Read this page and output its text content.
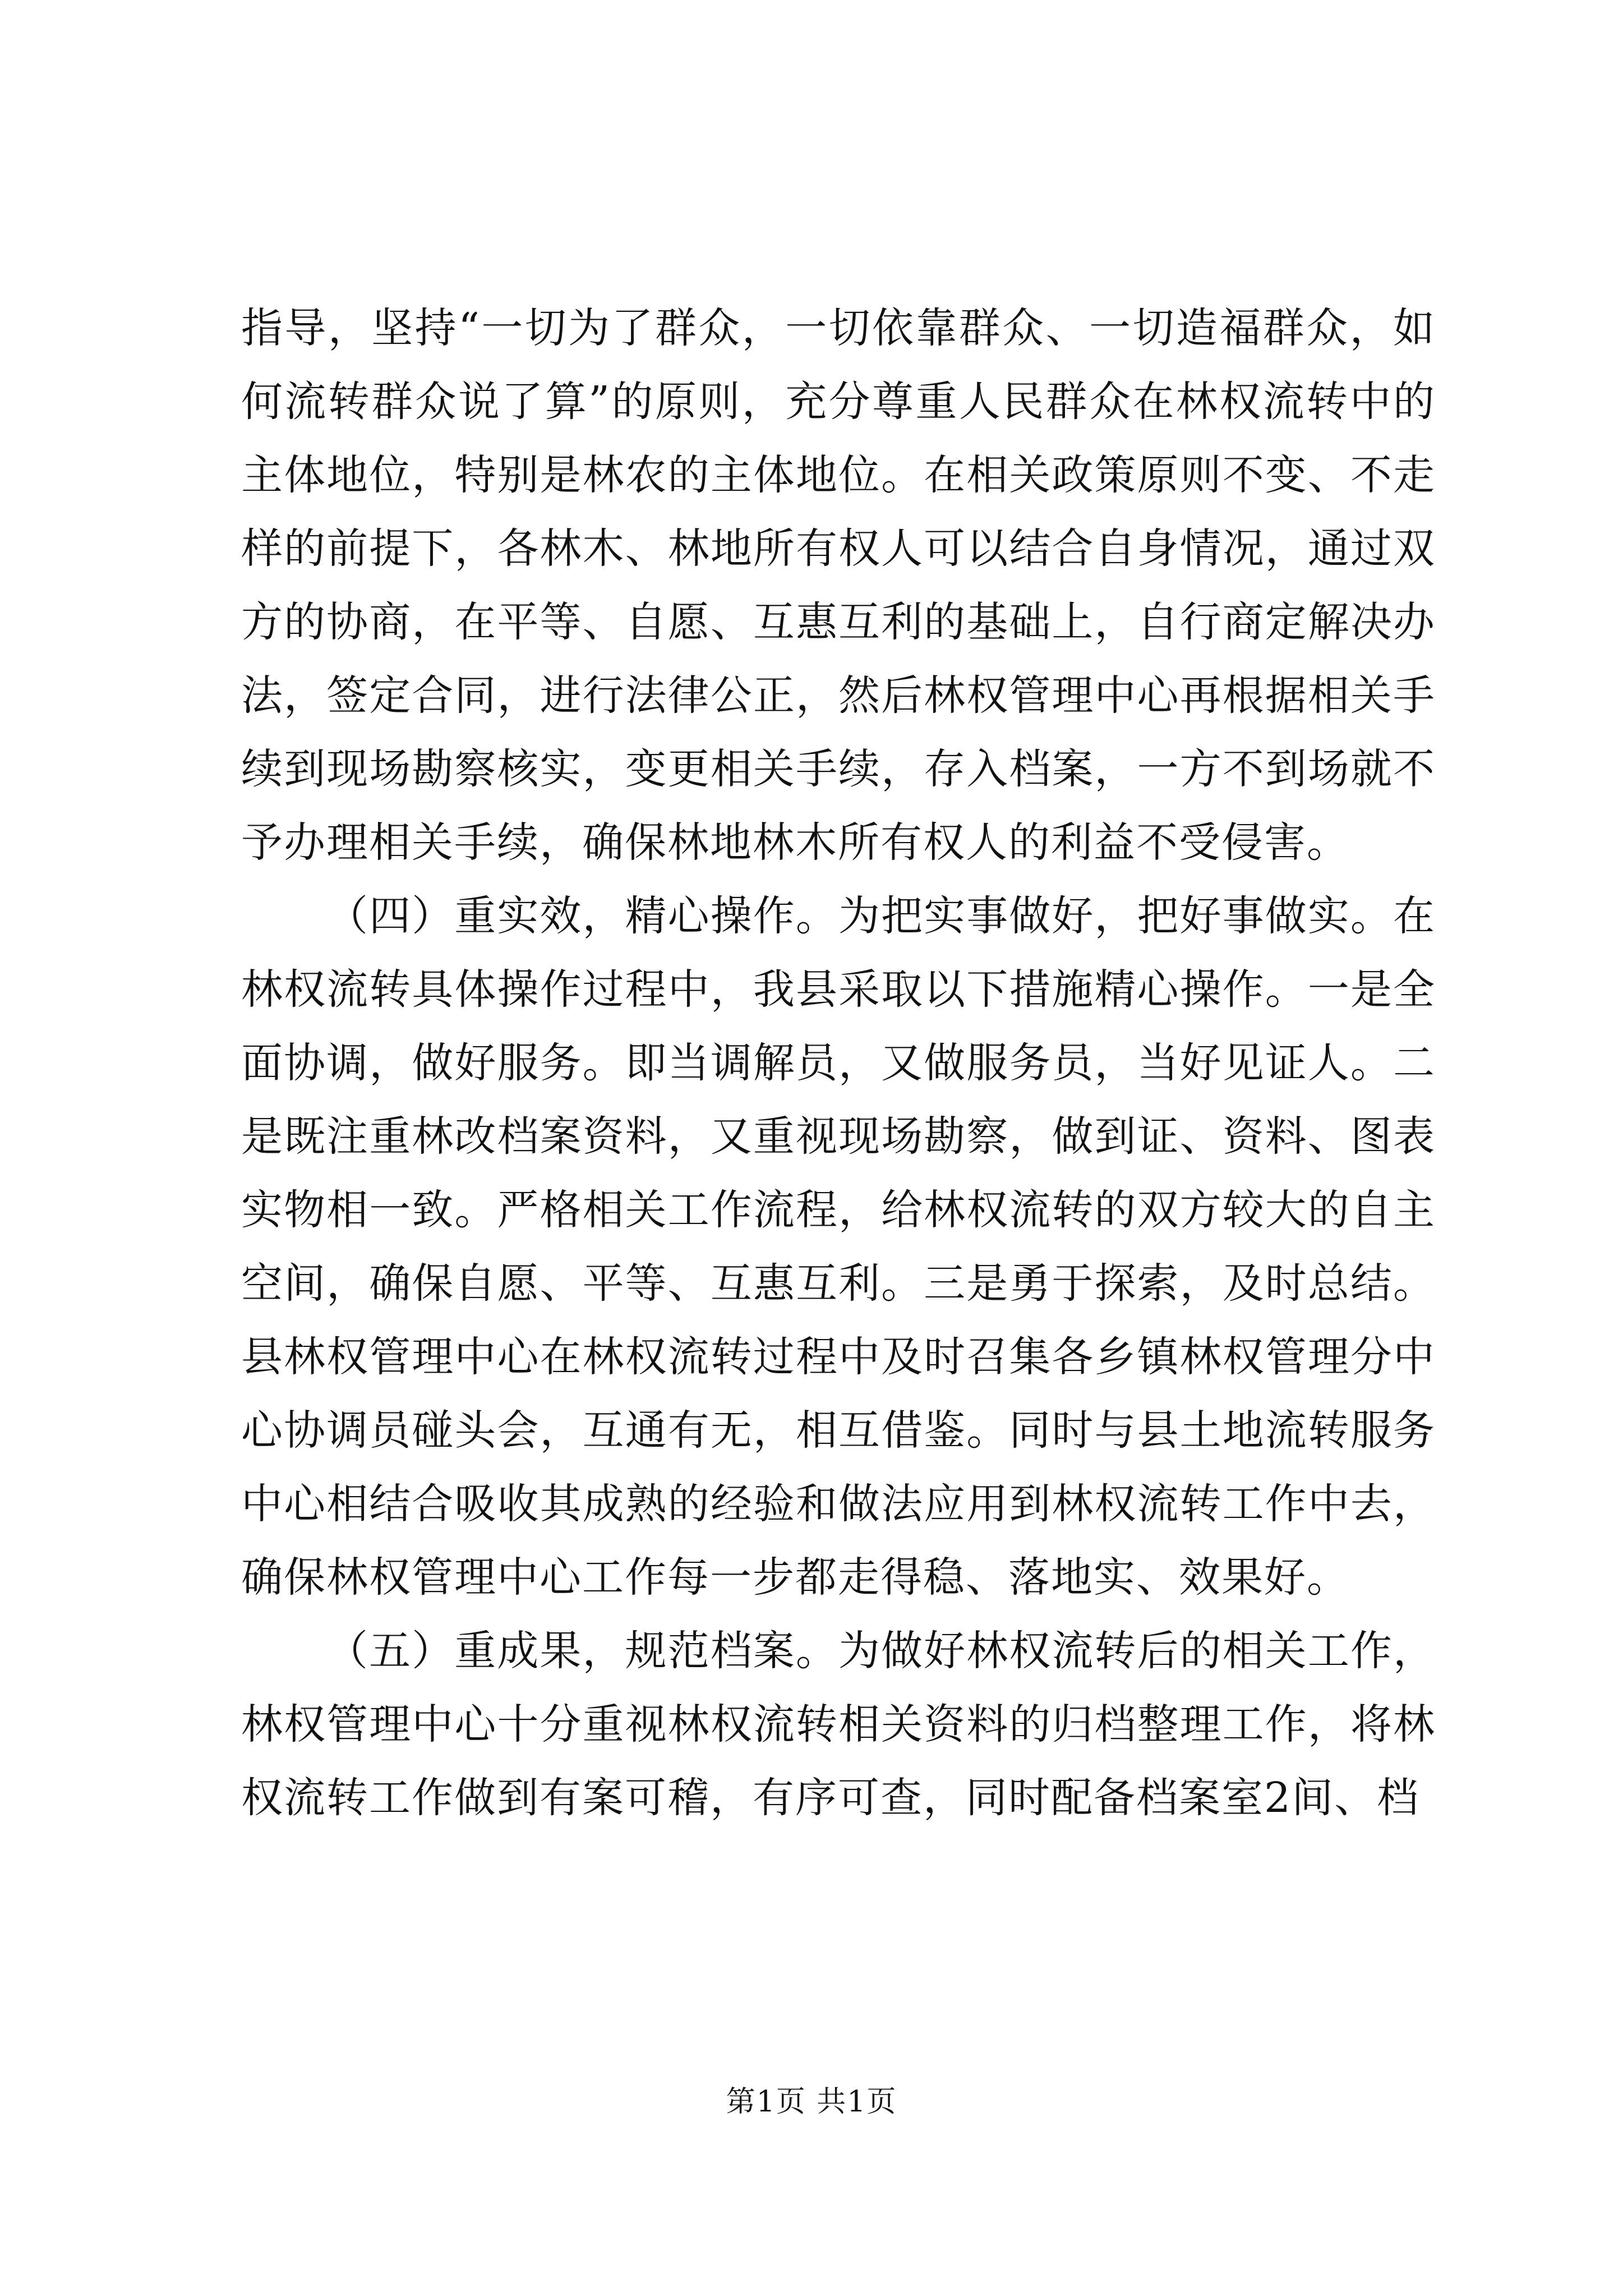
指导，坚持“一切为了群众，一切依靠群众、一切造福群众，如何流转群众说了算”的原则，充分尊重人民群众在林权流转中的主体地位，特别是林农的主体地位。在相关政策原则不变、不走样的前提下，各林木、林地所有权人可以结合自身情况，通过双方的协商，在平等、自愿、互惠互利的基础上，自行商定解决办法，签定合同，进行法律公正，然后林权管理中心再根据相关手续到现场勘察核实，变更相关手续，存入档案，一方不到场就不予办理相关手续，确保林地林木所有权人的利益不受侵害。

（四）重实效，精心操作。为把实事做好，把好事做实。在林权流转具体操作过程中，我县采取以下措施精心操作。一是全面协调，做好服务。即当调解员，又做服务员，当好见证人。二是既注重林改档案资料，又重视现场勘察，做到证、资料、图表实物相一致。严格相关工作流程，给林权流转的双方较大的自主空间，确保自愿、平等、互惠互利。三是勇于探索，及时总结。县林权管理中心在林权流转过程中及时召集各乡镇林权管理分中心协调员碰头会，互通有无，相互借鉴。同时与县土地流转服务中心相结合吸收其成熟的经验和做法应用到林权流转工作中去，确保林权管理中心工作每一步都走得稳、落地实、效果好。

（五）重成果，规范档案。为做好林权流转后的相关工作，林权管理中心十分重视林权流转相关资料的归档整理工作，将林权流转工作做到有案可稽，有序可查，同时配备档案室2间、档

第1页 共1页
